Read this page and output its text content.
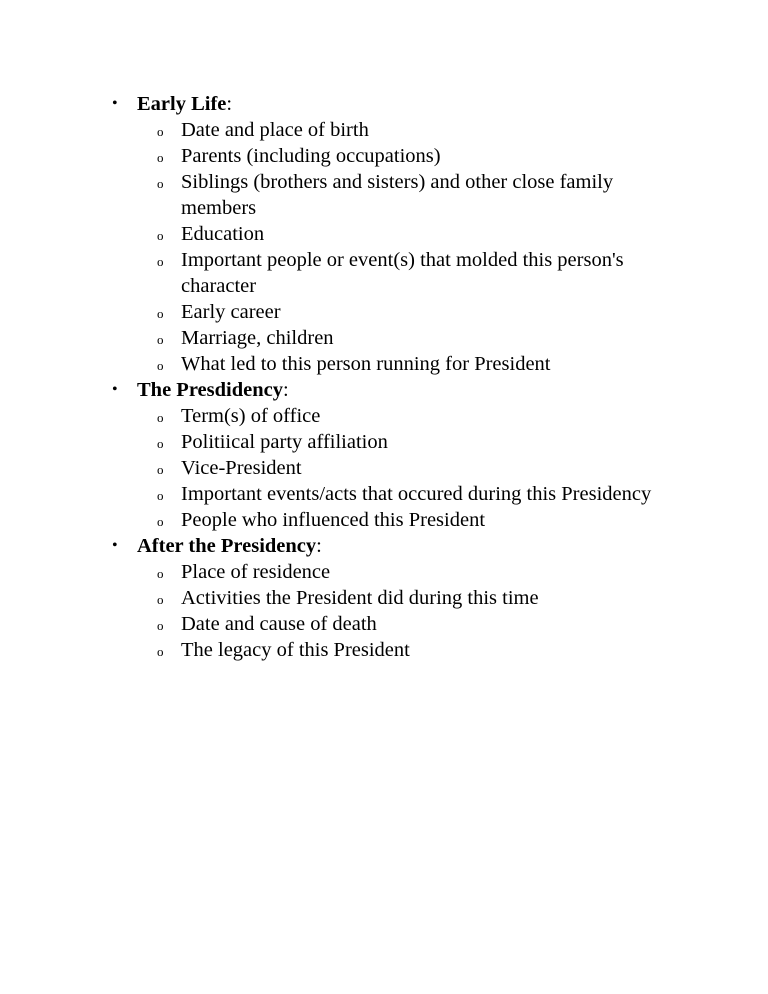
• Early Life:
o Date and place of birth
o Parents (including occupations)
o Siblings (brothers and sisters) and other close family members
o Education
o Important people or event(s) that molded this person's character
o Early career
o Marriage, children
o What led to this person running for President
• The Presdidency:
o Term(s) of office
o Politiical party affiliation
o Vice-President
o Important events/acts that occured during this Presidency
o People who influenced this President
• After the Presidency:
o Place of residence
o Activities the President did during this time
o Date and cause of death
o The legacy of this President
